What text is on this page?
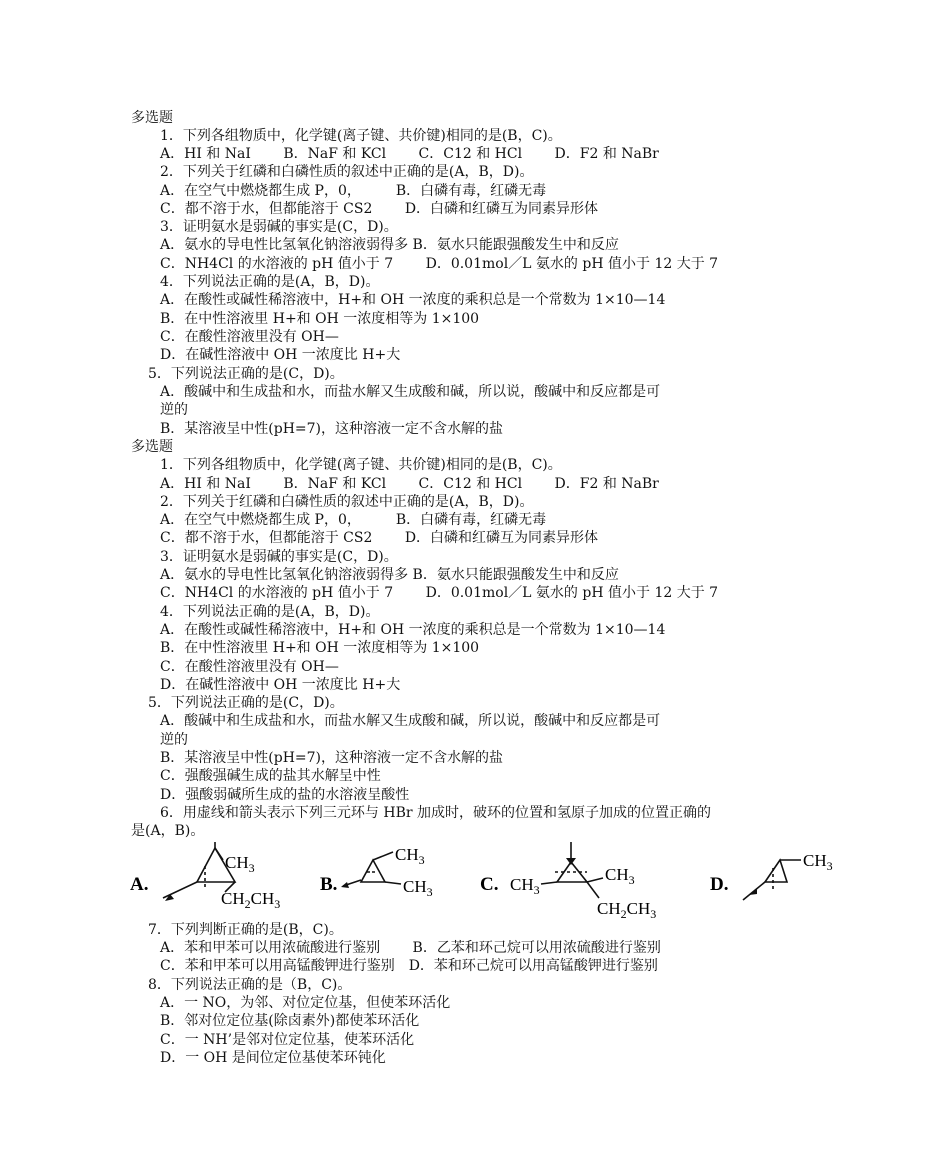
多选题
1．下列各组物质中，化学键(离子键、共价键)相同的是(B，C)。
A．HI 和 NaI　　 B．NaF 和 KCl　　 C．C12 和 HCl　　 D．F2 和 NaBr
2．下列关于红磷和白磷性质的叙述中正确的是(A，B，D)。
A．在空气中燃烧都生成 P，0，　　　B．白磷有毒，红磷无毒
C．都不溶于水，但都能溶于 CS2　　 D．白磷和红磷互为同素异形体
3．证明氨水是弱碱的事实是(C，D)。
A．氨水的导电性比氢氧化钠溶液弱得多 B．氨水只能跟强酸发生中和反应
C．NH4Cl 的水溶液的 pH 值小于 7　　 D．0.01mol／L 氨水的 pH 值小于 12 大于 7
4．下列说法正确的是(A，B，D)。
A．在酸性或碱性稀溶液中，H+和 OH 一浓度的乘积总是一个常数为 1×10—14
B．在中性溶液里 H+和 OH 一浓度相等为 1×100
C．在酸性溶液里没有 OH—
D．在碱性溶液中 OH 一浓度比 H+大
5．下列说法正确的是(C，D)。
A．酸碱中和生成盐和水，而盐水解又生成酸和碱，所以说，酸碱中和反应都是可
逆的
B．某溶液呈中性(pH=7)，这种溶液一定不含水解的盐
多选题
1．下列各组物质中，化学键(离子键、共价键)相同的是(B，C)。
A．HI 和 NaI　　 B．NaF 和 KCl　　 C．C12 和 HCl　　 D．F2 和 NaBr
2．下列关于红磷和白磷性质的叙述中正确的是(A，B，D)。
A．在空气中燃烧都生成 P，0，　　　B．白磷有毒，红磷无毒
C．都不溶于水，但都能溶于 CS2　　 D．白磷和红磷互为同素异形体
3．证明氨水是弱碱的事实是(C，D)。
A．氨水的导电性比氢氧化钠溶液弱得多 B．氨水只能跟强酸发生中和反应
C．NH4Cl 的水溶液的 pH 值小于 7　　 D．0.01mol／L 氨水的 pH 值小于 12 大于 7
4．下列说法正确的是(A，B，D)。
A．在酸性或碱性稀溶液中，H+和 OH 一浓度的乘积总是一个常数为 1×10—14
B．在中性溶液里 H+和 OH 一浓度相等为 1×100
C．在酸性溶液里没有 OH—
D．在碱性溶液中 OH 一浓度比 H+大
5．下列说法正确的是(C，D)。
A．酸碱中和生成盐和水，而盐水解又生成酸和碱，所以说，酸碱中和反应都是可
逆的
B．某溶液呈中性(pH=7)，这种溶液一定不含水解的盐
C．强酸强碱生成的盐其水解呈中性
D．强酸弱碱所生成的盐的水溶液呈酸性
6．用虚线和箭头表示下列三元环与 HBr 加成时，破环的位置和氢原子加成的位置正确的
是(A，B)。
A.
$CH_3$
$CH_2CH_3$
B.
$CH_3$
$CH_3$ C. $CH_3$
$CH_3$
$CH_2CH_3$
D.
$CH_3$
7．下列判断正确的是(B，C)。
A．苯和甲苯可以用浓硫酸进行鉴别　　 B．乙苯和环己烷可以用浓硫酸进行鉴别
C．苯和甲苯可以用高锰酸钾进行鉴别　D．苯和环己烷可以用高锰酸钾进行鉴别
8．下列说法正确的是（B，C)。
A．一 NO，为邻、对位定位基，但使苯环活化
B．邻对位定位基(除卤素外)都使苯环活化
C．一 NH’是邻对位定位基，使苯环活化
D．一 OH 是间位定位基使苯环钝化
